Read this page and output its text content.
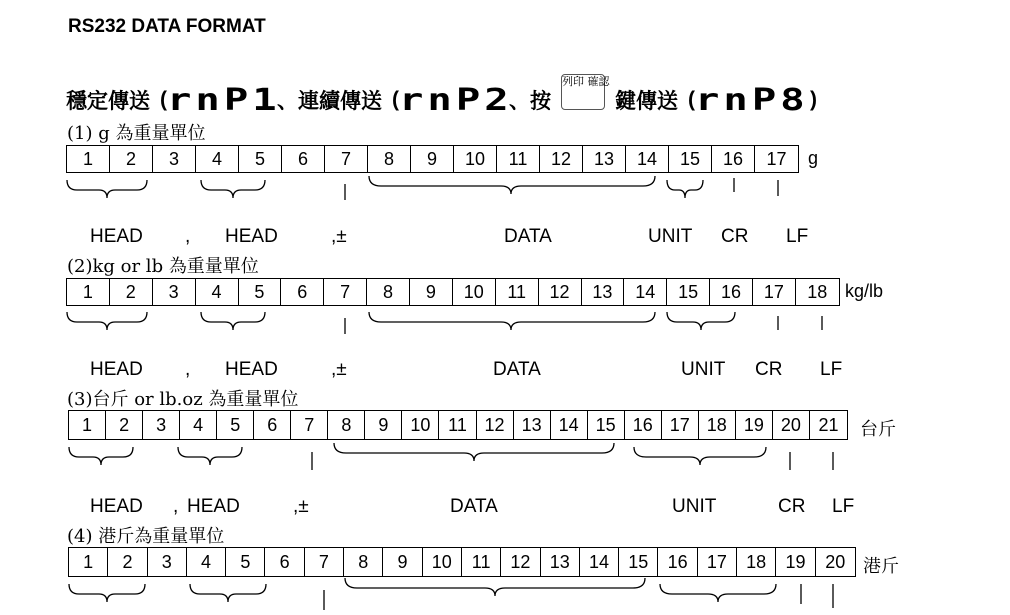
RS232 DATA FORMAT
穩定傳送 ( rnP1
、連續傳送 ( rnP2
、按
列印 確認
鍵傳送 ( rnP8 )
(1) g 為重量單位
1	2	3	4	5	6	7	8	9	10	11	12	13	14	15	16	17	g
HEAD , HEAD	,±	DATA	UNIT CR LF
(2)kg or lb 為重量單位
1	2	3	4	5	6	7	8	9	10	11	12	13	14	15	16	17	18 kg/lb
HEAD , HEAD	,±	DATA	UNIT CR LF
(3)台斤 or lb.oz 為重量單位
1	2	3	4	5	6	7	8	9	10 11 12 13 14 15 16 17 18 19 20 21	台斤
HEAD , HEAD	,±	DATA	UNIT	CR LF
(4) 港斤為重量單位
1	2	3	4	5	6	7	8	9	10	11	12	13	14	15	16	17	18	19	20 港斤
